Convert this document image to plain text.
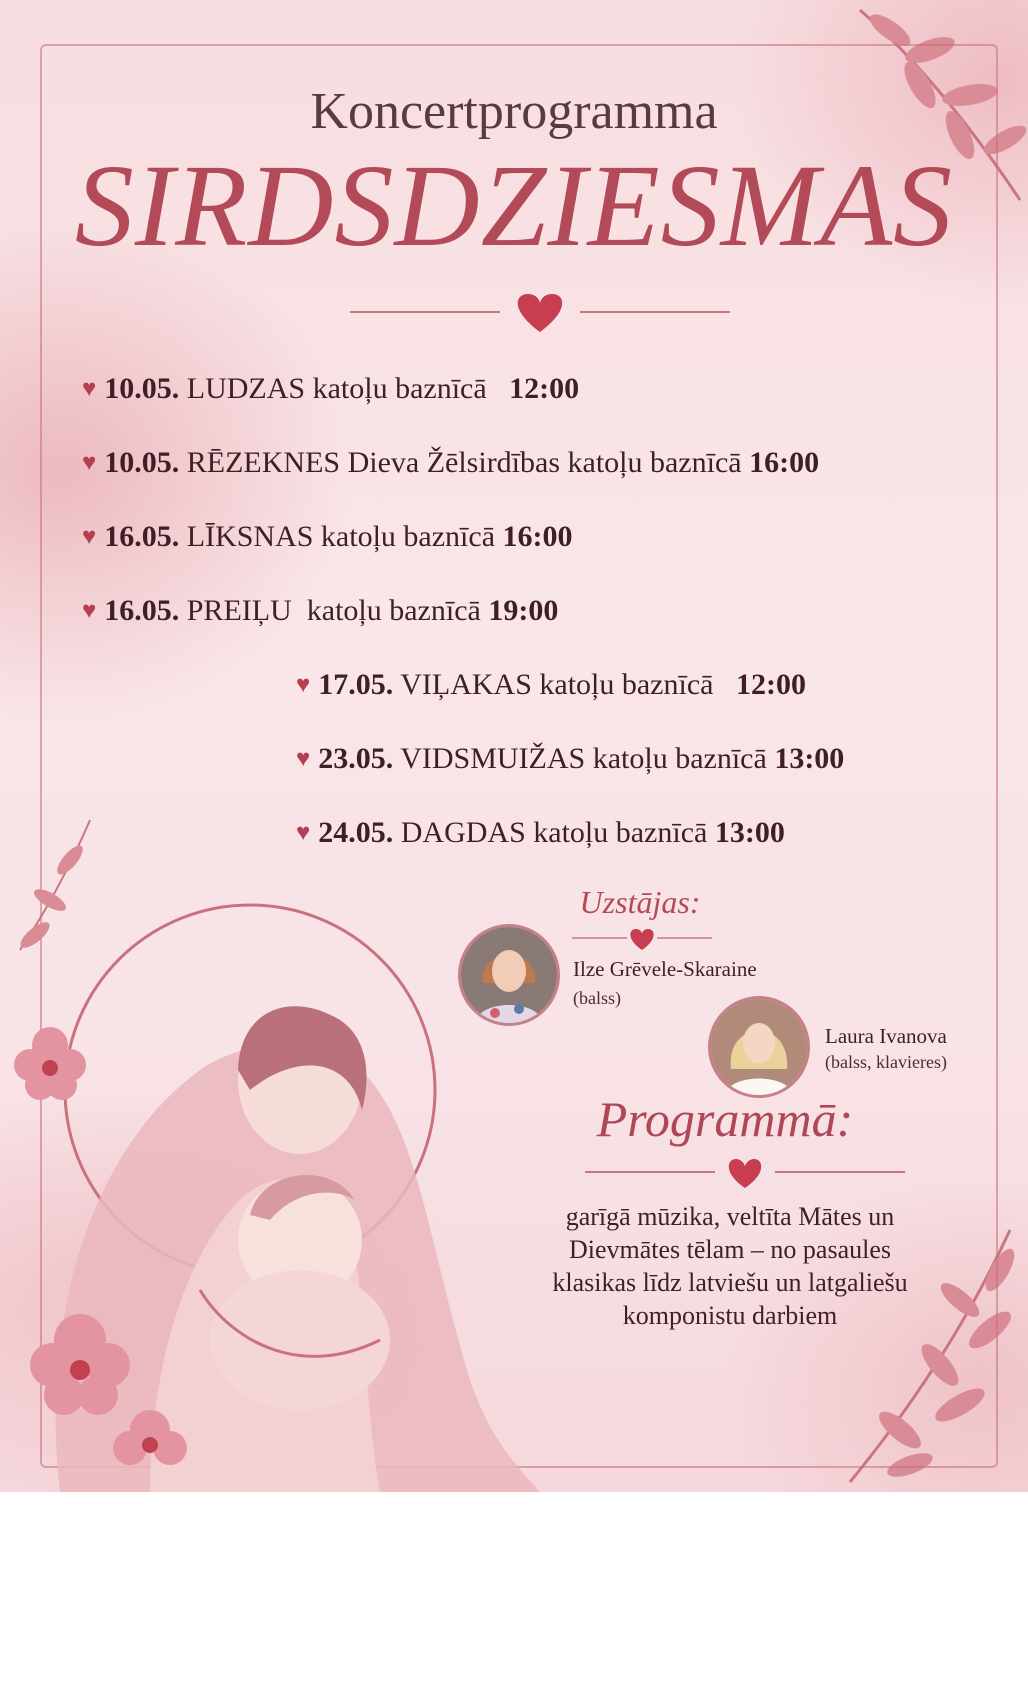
Koncertprogramma
SIRDSDZIESMAS
♥ 10.05. LUDZAS katoļu baznīcā 12:00
♥ 10.05. RĒZEKNES Dieva Žēlsirdības katoļu baznīcā 16:00
♥ 16.05. LĪKSNAS katoļu baznīcā 16:00
♥ 16.05. PREIĻU  katoļu baznīcā 19:00
♥ 17.05. VIĻAKAS katoļu baznīcā 12:00
♥ 23.05. VIDSMUIŽAS katoļu baznīcā 13:00
♥ 24.05. DAGDAS katoļu baznīcā 13:00
Uzstājas:
Ilze Grēvele-Skaraine
(balss)
Laura Ivanova
(balss, klavieres)
Programmā:
garīgā mūzika, veltīta Mātes un
Dievmātes tēlam – no pasaules
klasikas līdz latviešu un latgaliešu
komponistu darbiem
